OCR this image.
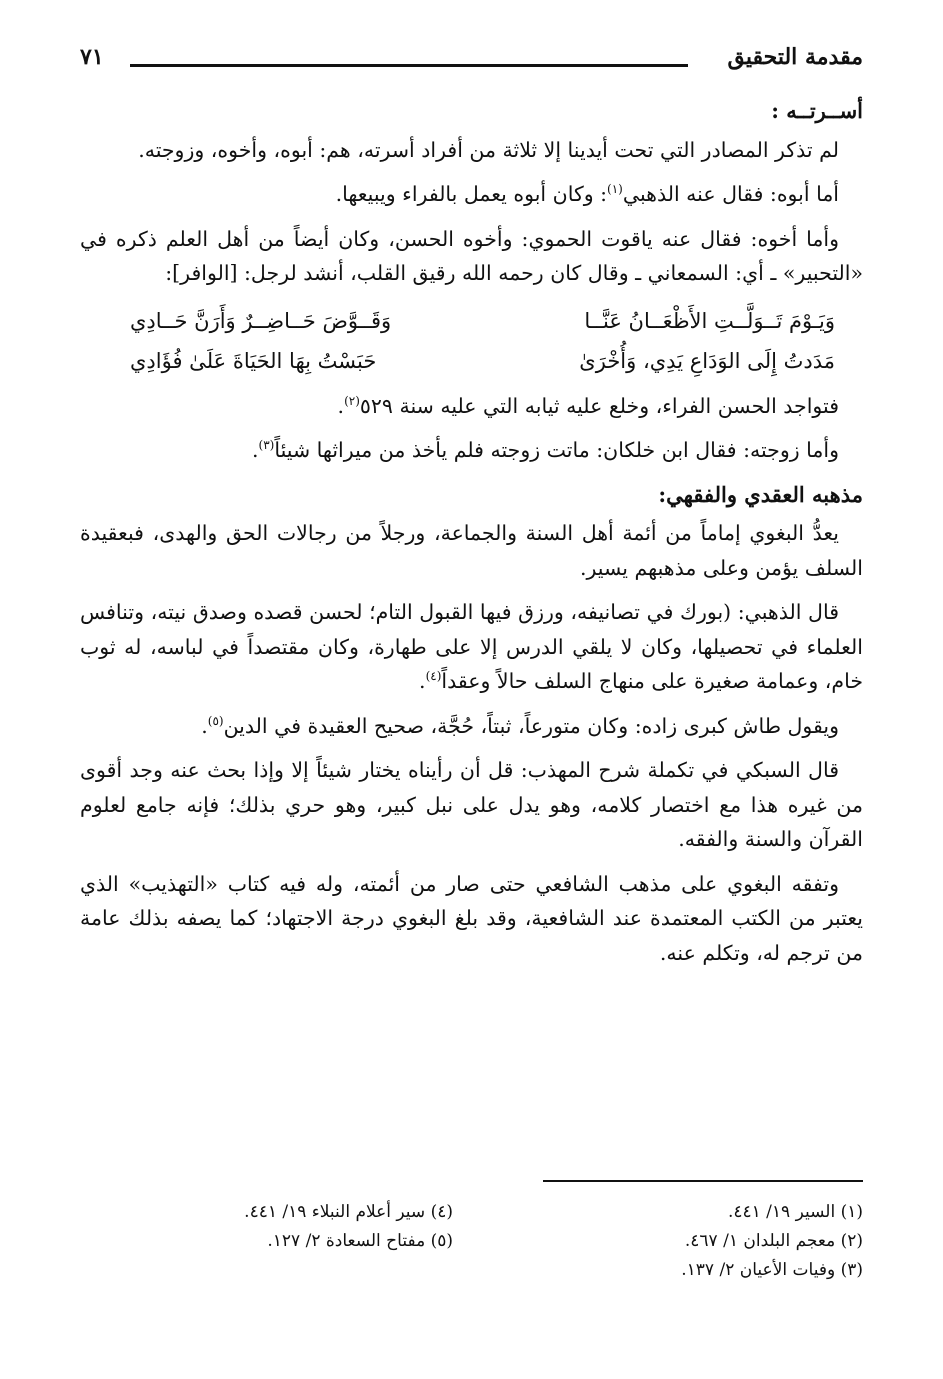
مقدمة التحقيق
٧١
أســرتــه :

لم تذكر المصادر التي تحت أيدينا إلا ثلاثة من أفراد أسرته، هم: أبوه، وأخوه، وزوجته.

أما أبوه: فقال عنه الذهبي$^{(١)}$: وكان أبوه يعمل بالفراء ويبيعها.

وأما أخوه: فقال عنه ياقوت الحموي: وأخوه الحسن، وكان أيضاً من أهل العلم ذكره في «التحبير» ـ أي: السمعاني ـ وقال كان رحمه الله رقيق القلب، أنشد لرجل: [الوافر]:

وَيَـوْمَ تَــوَلَّــتِ الأَظْعَــانُ عَنَّــا
وَقَــوَّضَ حَــاضِــرٌ وَأَرَنَّ حَــادِي
مَدَدتُ إِلَى الوَدَاعِ يَدِي، وَأُخْرَىٰ
حَبَسْتُ بِهَا الحَيَاةَ عَلَىٰ فُؤَادِي

فتواجد الحسن الفراء، وخلع عليه ثيابه التي عليه سنة ٥٢٩$^{(٢)}$.

وأما زوجته: فقال ابن خلكان: ماتت زوجته فلم يأخذ من ميراثها شيئاً$^{(٣)}$.

مذهبه العقدي والفقهي:

يعدُّ البغوي إماماً من أئمة أهل السنة والجماعة، ورجلاً من رجالات الحق والهدى، فبعقيدة السلف يؤمن وعلى مذهبهم يسير.

قال الذهبي: (بورك في تصانيفه، ورزق فيها القبول التام؛ لحسن قصده وصدق نيته، وتنافس العلماء في تحصيلها، وكان لا يلقي الدرس إلا على طهارة، وكان مقتصداً في لباسه، له ثوب خام، وعمامة صغيرة على منهاج السلف حالاً وعقداً$^{(٤)}$.

ويقول طاش كبرى زاده: وكان متورعاً، ثبتاً، حُجَّة، صحيح العقيدة في الدين$^{(٥)}$.

قال السبكي في تكملة شرح المهذب: قل أن رأيناه يختار شيئاً إلا وإذا بحث عنه وجد أقوى من غيره هذا مع اختصار كلامه، وهو يدل على نبل كبير، وهو حري بذلك؛ فإنه جامع لعلوم القرآن والسنة والفقه.

وتفقه البغوي على مذهب الشافعي حتى صار من أئمته، وله فيه كتاب «التهذيب» الذي يعتبر من الكتب المعتمدة عند الشافعية، وقد بلغ البغوي درجة الاجتهاد؛ كما يصفه بذلك عامة من ترجم له، وتكلم عنه.

(١) السير ١٩/ ٤٤١.
(٢) معجم البلدان ١/ ٤٦٧.
(٣) وفيات الأعيان ٢/ ١٣٧.
(٤) سير أعلام النبلاء ١٩/ ٤٤١.
(٥) مفتاح السعادة ٢/ ١٢٧.
